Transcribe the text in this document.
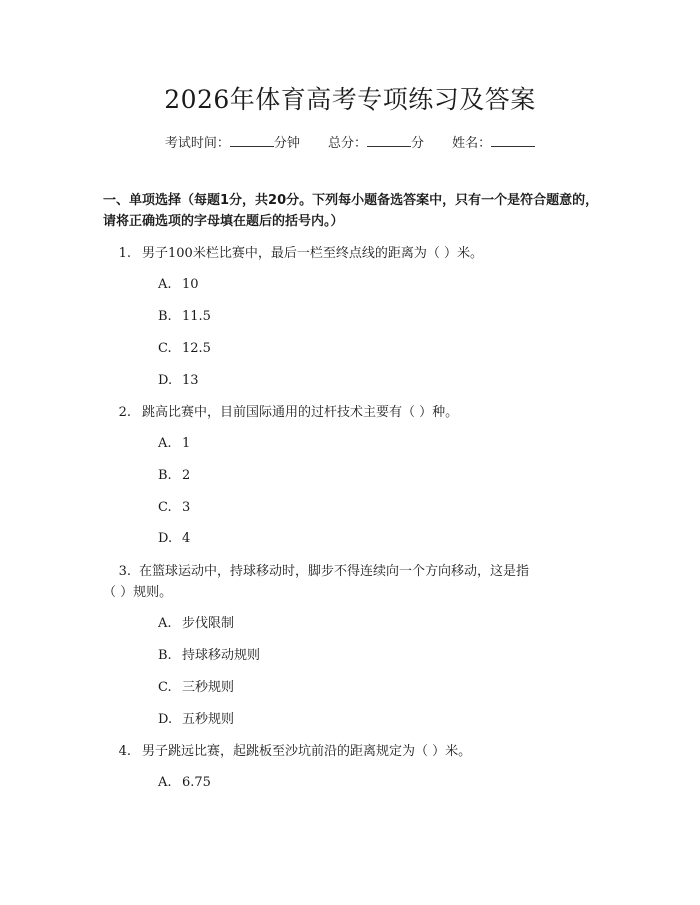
2026年体育高考专项练习及答案
考试时间：	分钟 总分：	分 姓名：
一、单项选择（每题1分，共20分。下列每小题备选答案中，只有一个是符合题意的，请将正确选项的字母填在题后的括号内。）
1. 男子100米栏比赛中，最后一栏至终点线的距离为（ ）米。
A. 10
B. 11.5
C. 12.5
D. 13
2. 跳高比赛中，目前国际通用的过杆技术主要有（ ）种。
A. 1
B. 2
C. 3
D. 4
3. 在篮球运动中，持球移动时，脚步不得连续向一个方向移动，这是指
（ ）规则。
A. 步伐限制
B. 持球移动规则
C. 三秒规则
D. 五秒规则
4. 男子跳远比赛，起跳板至沙坑前沿的距离规定为（ ）米。
A. 6.75
